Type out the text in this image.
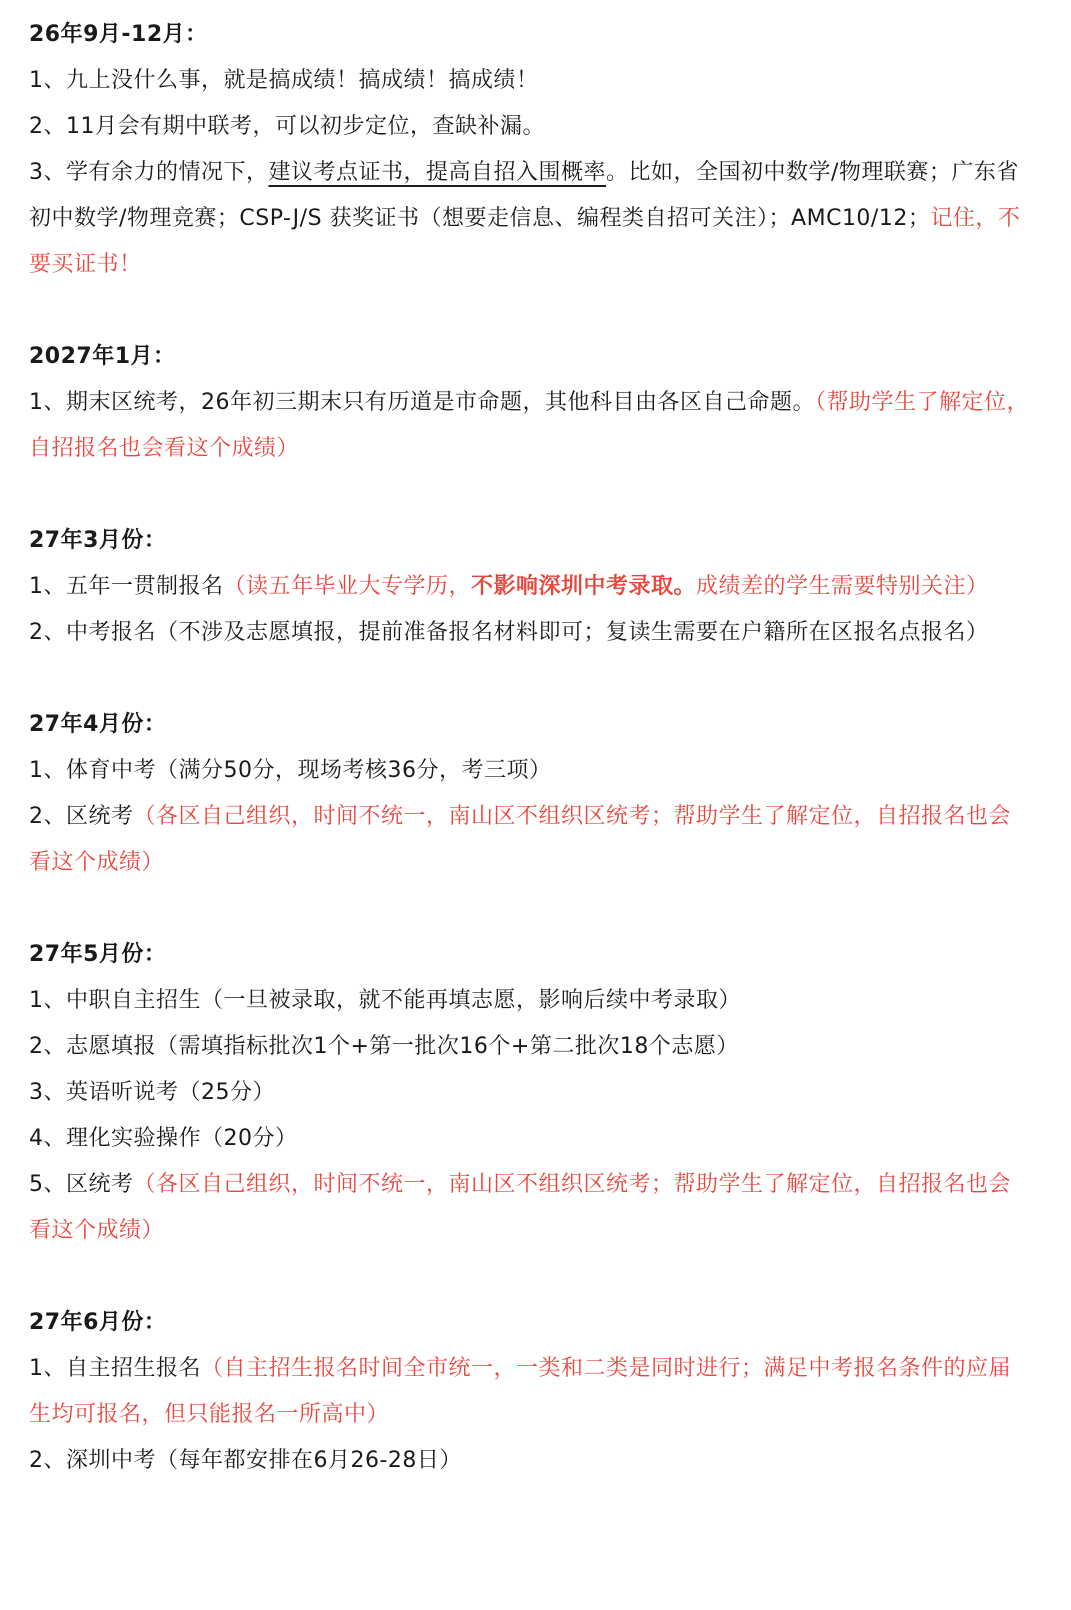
26年9月-12月：

1、九上没什么事，就是搞成绩！搞成绩！搞成绩！

2、11月会有期中联考，可以初步定位，查缺补漏。

3、学有余力的情况下，建议考点证书，提高自招入围概率。比如，全国初中数学/物理联赛；广东省初中数学/物理竞赛；CSP-J/S 获奖证书（想要走信息、编程类自招可关注）；AMC10/12；记住，不要买证书！

2027年1月：

1、期末区统考，26年初三期末只有历道是市命题，其他科目由各区自己命题。（帮助学生了解定位，自招报名也会看这个成绩）

27年3月份：

1、五年一贯制报名（读五年毕业大专学历，不影响深圳中考录取。成绩差的学生需要特别关注）

2、中考报名（不涉及志愿填报，提前准备报名材料即可；复读生需要在户籍所在区报名点报名）

27年4月份：

1、体育中考（满分50分，现场考核36分，考三项）

2、区统考（各区自己组织，时间不统一，南山区不组织区统考；帮助学生了解定位，自招报名也会看这个成绩）

27年5月份：

1、中职自主招生（一旦被录取，就不能再填志愿，影响后续中考录取）

2、志愿填报（需填指标批次1个+第一批次16个+第二批次18个志愿）

3、英语听说考（25分）

4、理化实验操作（20分）

5、区统考（各区自己组织，时间不统一，南山区不组织区统考；帮助学生了解定位，自招报名也会看这个成绩）

27年6月份：

1、自主招生报名（自主招生报名时间全市统一，一类和二类是同时进行；满足中考报名条件的应届生均可报名，但只能报名一所高中）

2、深圳中考（每年都安排在6月26-28日）
